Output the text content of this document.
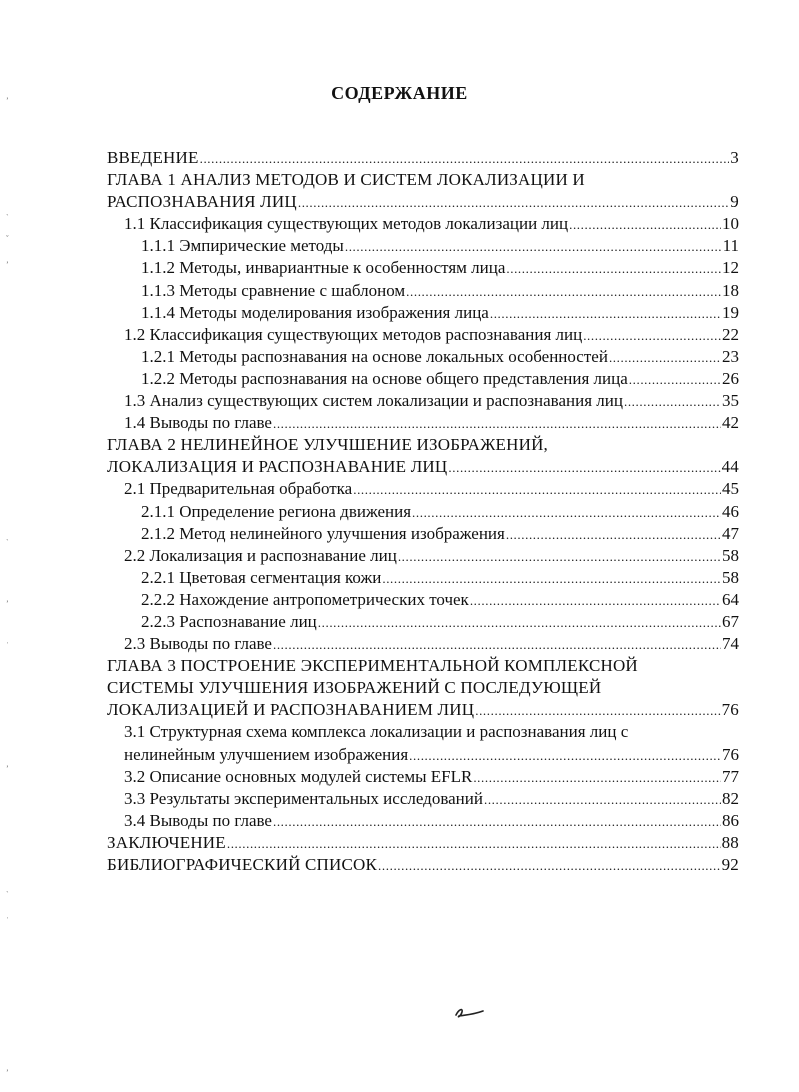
СОДЕРЖАНИЕ
ВВЕДЕНИЕ .....	3
ГЛАВА 1 АНАЛИЗ МЕТОДОВ И СИСТЕМ ЛОКАЛИЗАЦИИ И
РАСПОЗНАВАНИЯ ЛИЦ .....	9
1.1 Классификация существующих методов локализации лиц .....	10
1.1.1 Эмпирические методы .....	11
1.1.2 Методы, инвариантные к особенностям лица .....	12
1.1.3 Методы сравнение с шаблоном .....	18
1.1.4 Методы моделирования изображения лица .....	19
1.2 Классификация существующих методов распознавания лиц .....	22
1.2.1 Методы распознавания на основе локальных особенностей .....	23
1.2.2 Методы распознавания на основе общего представления лица .....	26
1.3 Анализ существующих систем локализации и распознавания лиц .....	35
1.4 Выводы по главе .....	42
ГЛАВА 2 НЕЛИНЕЙНОЕ УЛУЧШЕНИЕ ИЗОБРАЖЕНИЙ,
ЛОКАЛИЗАЦИЯ И РАСПОЗНАВАНИЕ ЛИЦ .....	44
2.1 Предварительная обработка .....	45
2.1.1 Определение региона движения .....	46
2.1.2 Метод нелинейного улучшения изображения .....	47
2.2 Локализация и распознавание лиц .....	58
2.2.1 Цветовая сегментация кожи .....	58
2.2.2 Нахождение антропометрических точек .....	64
2.2.3 Распознавание лиц .....	67
2.3 Выводы по главе .....	74
ГЛАВА 3 ПОСТРОЕНИЕ ЭКСПЕРИМЕНТАЛЬНОЙ КОМПЛЕКСНОЙ
СИСТЕМЫ УЛУЧШЕНИЯ ИЗОБРАЖЕНИЙ С ПОСЛЕДУЮЩЕЙ
ЛОКАЛИЗАЦИЕЙ И РАСПОЗНАВАНИЕМ ЛИЦ .....	76
3.1 Структурная схема комплекса локализации и распознавания лиц с
нелинейным улучшением изображения .....	76
3.2 Описание основных модулей системы EFLR .....	77
3.3 Результаты экспериментальных исследований .....	82
3.4 Выводы по главе .....	86
ЗАКЛЮЧЕНИЕ .....	88
БИБЛИОГРАФИЧЕСКИЙ СПИСОК .....	92
ʼ
ˋ
ˇ
ʼ
ˋ
ʼ
ˈ
ʼ
ˋ
ˈ
ʼ
